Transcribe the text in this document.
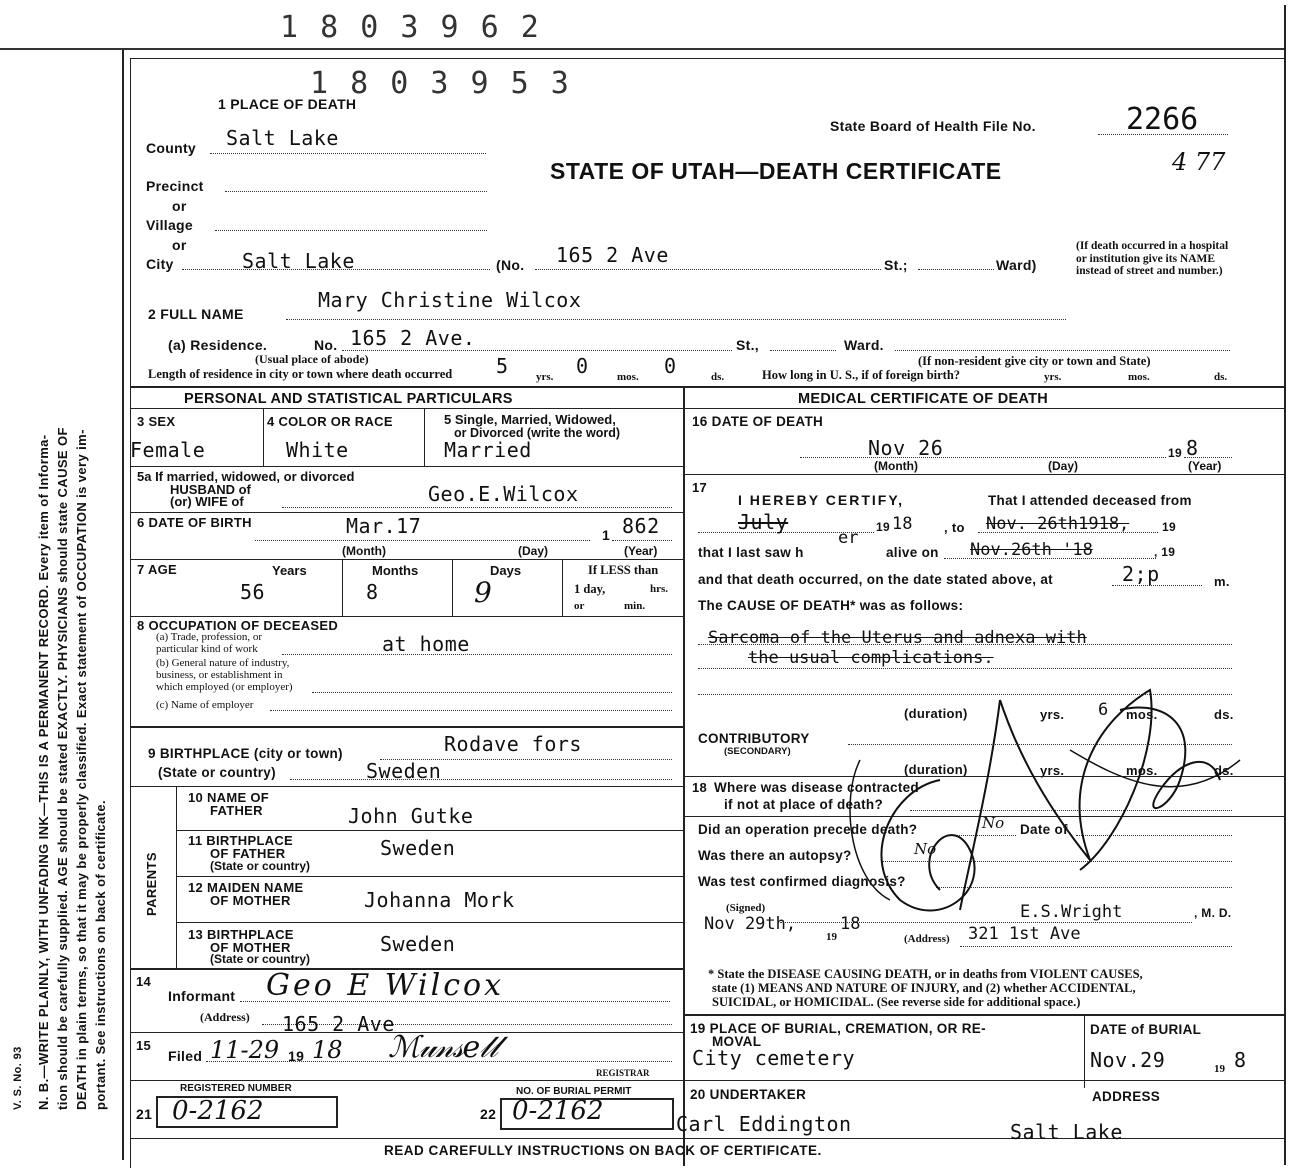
N. B.—WRITE PLAINLY, WITH UNFADING INK—THIS IS A PERMANENT RECORD. Every item of Informa- tion should be carefully supplied. AGE should be stated EXACTLY. PHYSICIANS should state CAUSE OF DEATH in plain terms, so that it may be properly classified. Exact statement of OCCUPATION is very im- portant. See instructions on back of certificate.
V. S. No. 93
1 8 0 3 9 6 2
1 8 0 3 9 5 3
1 PLACE OF DEATH
State Board of Health File No.	2266
4 77
County Salt Lake
STATE OF UTAH—DEATH CERTIFICATE
Precinct
or
Village
or
City	Salt Lake	(No. 165 2 Ave	St.;	Ward)
(If death occurred in a hospital or institution give its NAME instead of street and number.)
2 FULL NAME
Mary Christine Wilcox
(a) Residence.	No. 165 2 Ave.	St.,	Ward.
(Usual place of abode)	(If non-resident give city or town and State)
Length of residence in city or town where death occurred 5 yrs. 0	mos. 0	ds.	How long in U. S., if of foreign birth?	yrs.	mos.	ds.
PERSONAL AND STATISTICAL PARTICULARS	MEDICAL CERTIFICATE OF DEATH
3 SEX	4 COLOR OR RACE	5 Single, Married, Widowed,
or Divorced (write the word)
Female	White	Married
5a If married, widowed, or divorced
HUSBAND of
(or) WIFE of	Geo.E.Wilcox
6 DATE OF BIRTH	Mar.17	1 862
(Month)	(Day)	(Year)
7 AGE	Years	Months	Days	If LESS than
56	8	9	1 day,	hrs.
or	min.
8 OCCUPATION OF DECEASED
(a) Trade, profession, or
particular kind of work	at home
(b) General nature of industry,
business, or establishment in
which employed (or employer)
(c) Name of employer
9 BIRTHPLACE (city or town)	Rodave fors
(State or country)	Sweden
PARENTS
10 NAME OF
FATHER	John Gutke
11 BIRTHPLACE
OF FATHER
(State or country)
Sweden
12 MAIDEN NAME
OF MOTHER	Johanna Mork
13 BIRTHPLACE
OF MOTHER
(State or country)
Sweden
14
Informant Geo E Wilcox
(Address) 165 2 Ave
15
Filed 11-29 19 18 ℳ𝓊𝓃𝓈𝑒𝓁𝓁
REGISTRAR
REGISTERED NUMBER	NO. OF BURIAL PERMIT
21 0-2162	22 0-2162
READ CAREFULLY INSTRUCTIONS ON BACK OF CERTIFICATE.
16 DATE OF DEATH
Nov 26	19 8
(Month)	(Day)	(Year)
17
I HEREBY CERTIFY,	That I attended deceased from
July	19 18 , to Nov. 26th1918,	19
that I last saw h
er
alive on Nov.26th '18	, 19
and that death occurred, on the date stated above, at	2;p	m.
The CAUSE OF DEATH* was as follows:
Sarcoma of the Uterus and adnexa with
the usual complications.
(duration)	yrs. 6 mos.	ds.
CONTRIBUTORY
(SECONDARY)
(duration)	yrs.	mos.	ds.
18 Where was disease contracted
if not at place of death?
Did an operation precede death?	No Date of
Was there an autopsy?	No
Was test confirmed diagnosis?
(Signed)	E.S.Wright	, M. D.
Nov 29th,
19
18
(Address) 321 1st Ave
* State the DISEASE CAUSING DEATH, or in deaths from VIOLENT CAUSES,
state (1) MEANS AND NATURE OF INJURY, and (2) whether ACCIDENTAL,
SUICIDAL, or HOMICIDAL. (See reverse side for additional space.)
19 PLACE OF BURIAL, CREMATION, OR RE-
MOVAL
City cemetery
DATE of BURIAL
Nov.29	19 8
20 UNDERTAKER	ADDRESS
Carl Eddington	Salt Lake
